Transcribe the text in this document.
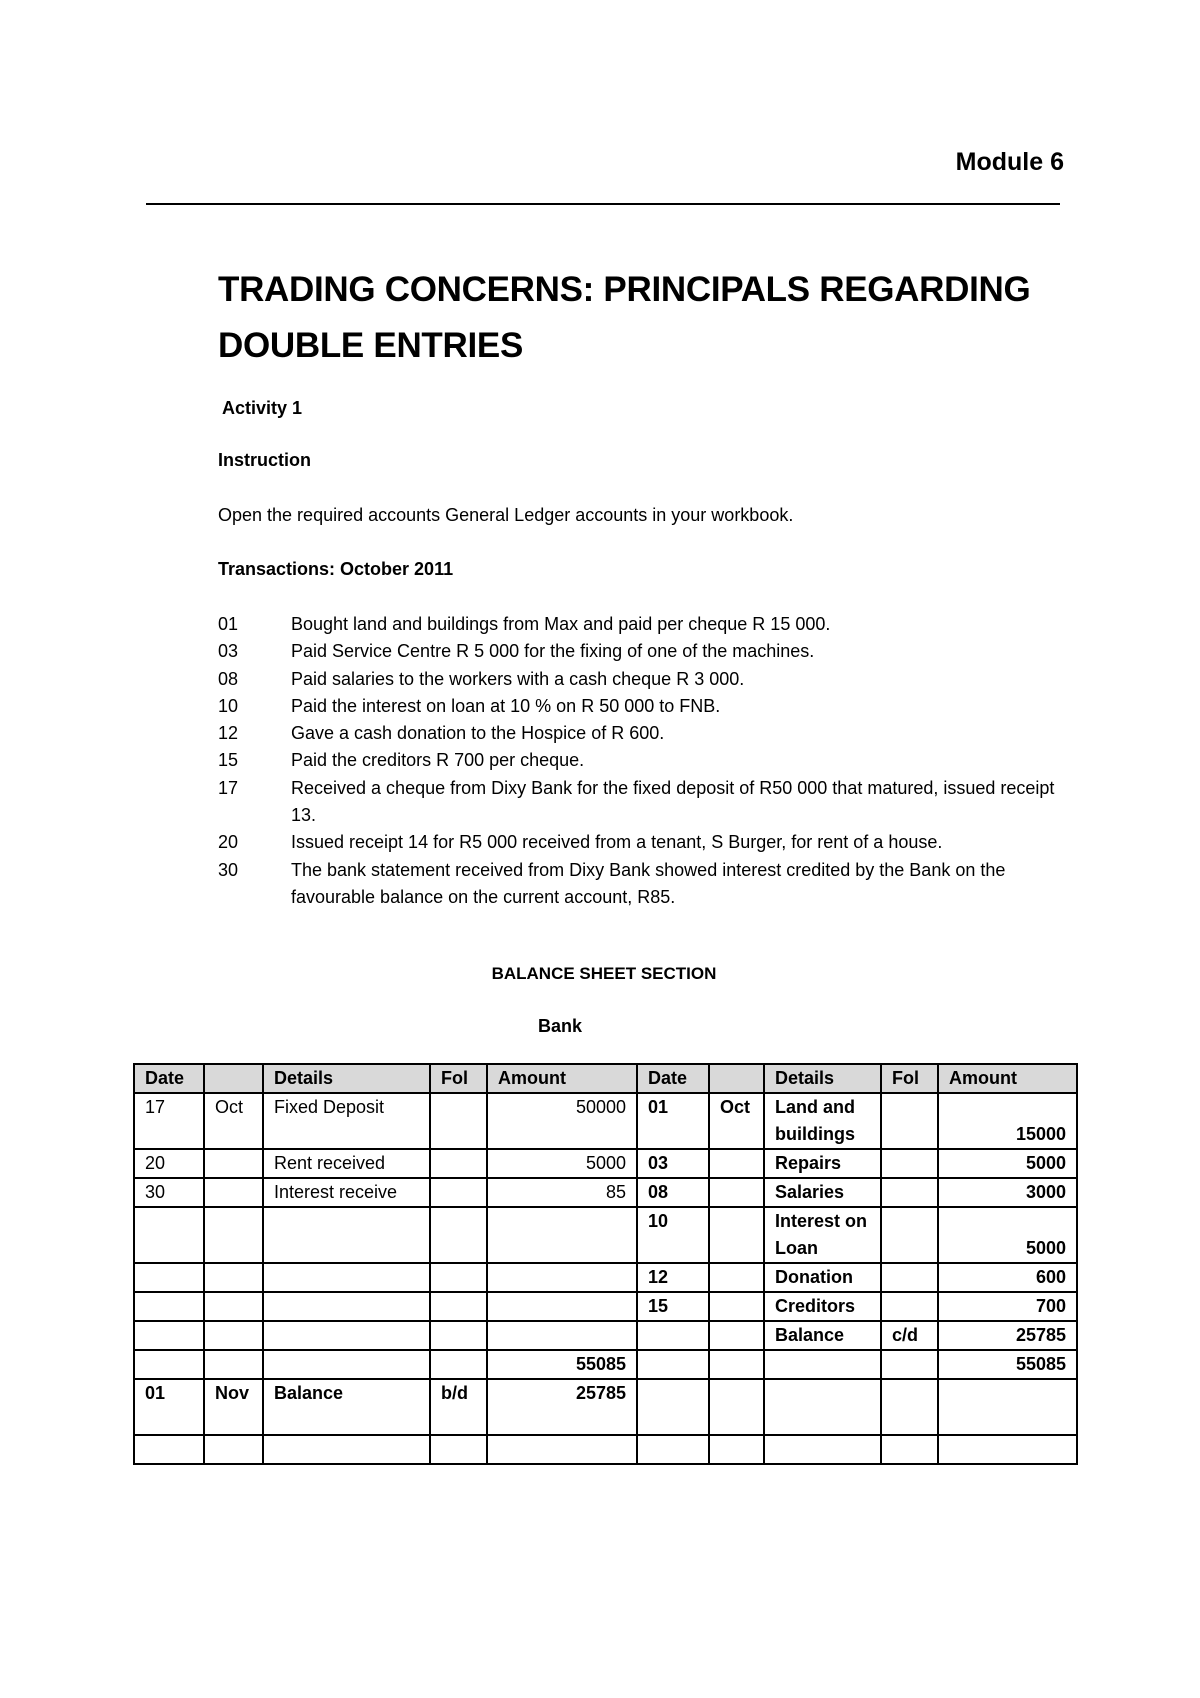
Module 6

TRADING CONCERNS: PRINCIPALS REGARDING DOUBLE ENTRIES

Activity 1

Instruction

Open the required accounts General Ledger accounts in your workbook.

Transactions: October 2011

01	Bought land and buildings from Max and paid per cheque R 15 000.
03	Paid Service Centre R 5 000 for the fixing of one of the machines.
08	Paid salaries to the workers with a cash cheque R 3 000.
10	Paid the interest on loan at 10 % on R 50 000 to FNB.
12	Gave a cash donation to the Hospice of R 600.
15	Paid the creditors R 700 per cheque.
17	Received a cheque from Dixy Bank for the fixed deposit of R50 000 that matured, issued receipt 13.
20	Issued receipt 14 for R5 000 received from a tenant, S Burger, for rent of a house.
30	The bank statement received from Dixy Bank showed interest credited by the Bank on the favourable balance on the current account, R85.

BALANCE SHEET SECTION

Bank

Date		Details	Fol	Amount	Date		Details	Fol	Amount
17	Oct	Fixed Deposit		50000	01	Oct	Land and buildings		15000
20		Rent received		5000	03		Repairs		5000
30		Interest receive		85	08		Salaries		3000
					10		Interest on Loan		5000
					12		Donation		600
					15		Creditors		700
							Balance	c/d	25785
				55085					55085
01	Nov	Balance	b/d	25785					
